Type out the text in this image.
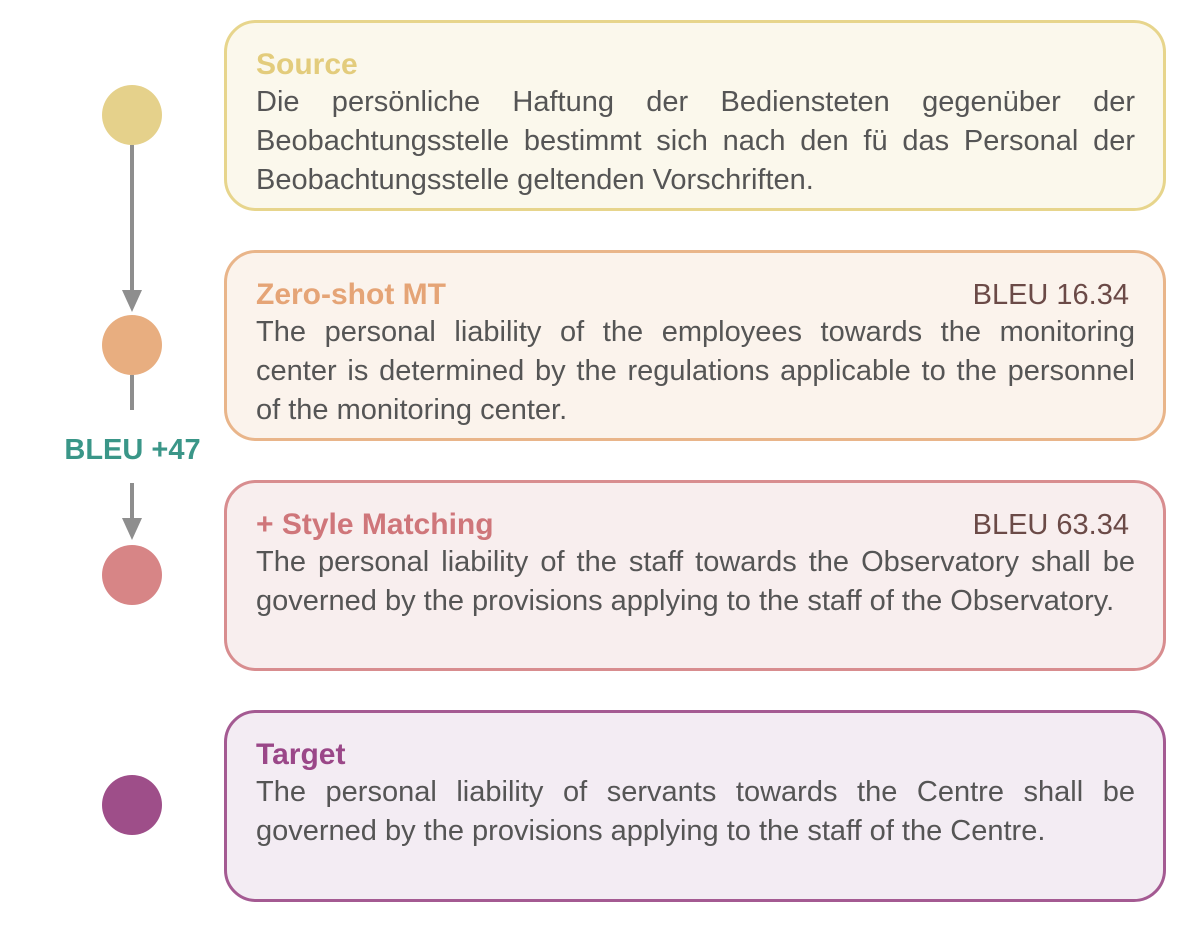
BLEU +47
Source

Die persönliche Haftung der Bediensteten gegenüber der Beobachtungsstelle bestimmt sich nach den fü das Personal der Beobachtungsstelle geltenden Vorschriften.

Zero-shot MT	BLEU 16.34

The personal liability of the employees towards the monitoring center is determined by the regulations applicable to the personnel of the monitoring center.

+ Style Matching	BLEU 63.34

The personal liability of the staff towards the Observatory shall be governed by the provisions applying to the staff of the Observatory.

Target

The personal liability of servants towards the Centre shall be governed by the provisions applying to the staff of the Centre.
